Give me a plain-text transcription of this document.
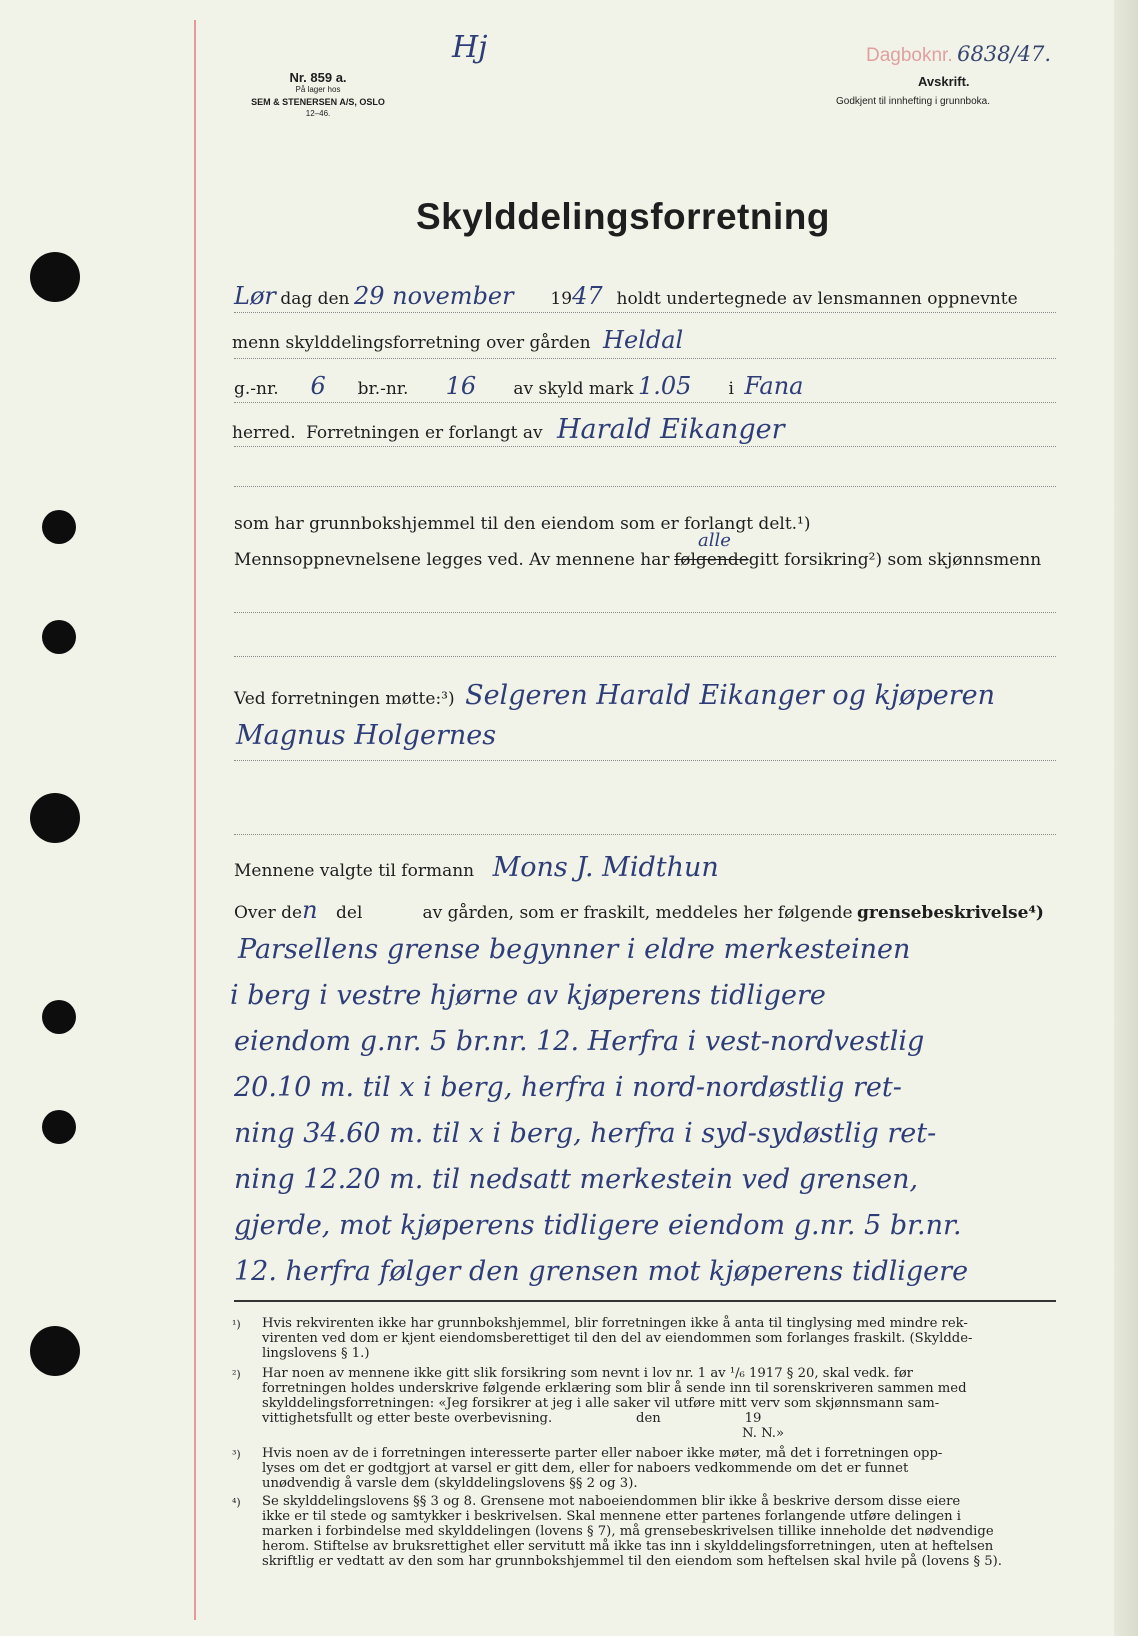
Nr. 859 a.
På lager hos
SEM & STENERSEN A/S, OSLO
12–46.
Hj	Dagboknr. 6838/47.
Avskrift.
Godkjent til innhefting i grunnboka.
Skylddelingsforretning
Lør dag den 29 november 1947 holdt undertegnede av lensmannen oppnevnte
menn skylddelingsforretning over gården Heldal
g.-nr. 6 br.-nr. 16 av skyld mark 1.05 i Fana
herred. Forretningen er forlangt av Harald Eikanger
som har grunnbokshjemmel til den eiendom som er forlangt delt.¹)
Mennsoppnevnelsene legges ved. Av mennene har følgende
alle
gitt forsikring²) som skjønnsmenn
Ved forretningen møtte:³) Selgeren Harald Eikanger og kjøperen
Magnus Holgernes
Mennene valgte til formann Mons J. Midthun
Over den del	av gården, som er fraskilt, meddeles her følgende grensebeskrivelse⁴)
Parsellens grense begynner i eldre merkesteinen
i berg i vestre hjørne av kjøperens tidligere
eiendom g.nr. 5 br.nr. 12. Herfra i vest-nordvestlig
20.10 m. til x i berg, herfra i nord-nordøstlig ret-
ning 34.60 m. til x i berg, herfra i syd-sydøstlig ret-
ning 12.20 m. til nedsatt merkestein ved grensen,
gjerde, mot kjøperens tidligere eiendom g.nr. 5 br.nr.
12. herfra følger den grensen mot kjøperens tidligere
¹) Hvis rekvirenten ikke har grunnbokshjemmel, blir forretningen ikke å anta til tinglysing med mindre rek-
virenten ved dom er kjent eiendomsberettiget til den del av eiendommen som forlanges fraskilt. (Skyldde-
lingslovens § 1.)
²) Har noen av mennene ikke gitt slik forsikring som nevnt i lov nr. 1 av ¹/₆ 1917 § 20, skal vedk. før
forretningen holdes underskrive følgende erklæring som blir å sende inn til sorenskriveren sammen med
skylddelingsforretningen: «Jeg forsikrer at jeg i alle saker vil utføre mitt verv som skjønnsmann sam-
vittighetsfullt og etter beste overbevisning.                    den                    19
N. N.»
³) Hvis noen av de i forretningen interesserte parter eller naboer ikke møter, må det i forretningen opp-
lyses om det er godtgjort at varsel er gitt dem, eller for naboers vedkommende om det er funnet
unødvendig å varsle dem (skylddelingslovens §§ 2 og 3).
⁴) Se skylddelingslovens §§ 3 og 8. Grensene mot naboeiendommen blir ikke å beskrive dersom disse eiere
ikke er til stede og samtykker i beskrivelsen. Skal mennene etter partenes forlangende utføre delingen i
marken i forbindelse med skylddelingen (lovens § 7), må grensebeskrivelsen tillike inneholde det nødvendige
herom. Stiftelse av bruksrettighet eller servitutt må ikke tas inn i skylddelingsforretningen, uten at heftelsen
skriftlig er vedtatt av den som har grunnbokshjemmel til den eiendom som heftelsen skal hvile på (lovens § 5).
